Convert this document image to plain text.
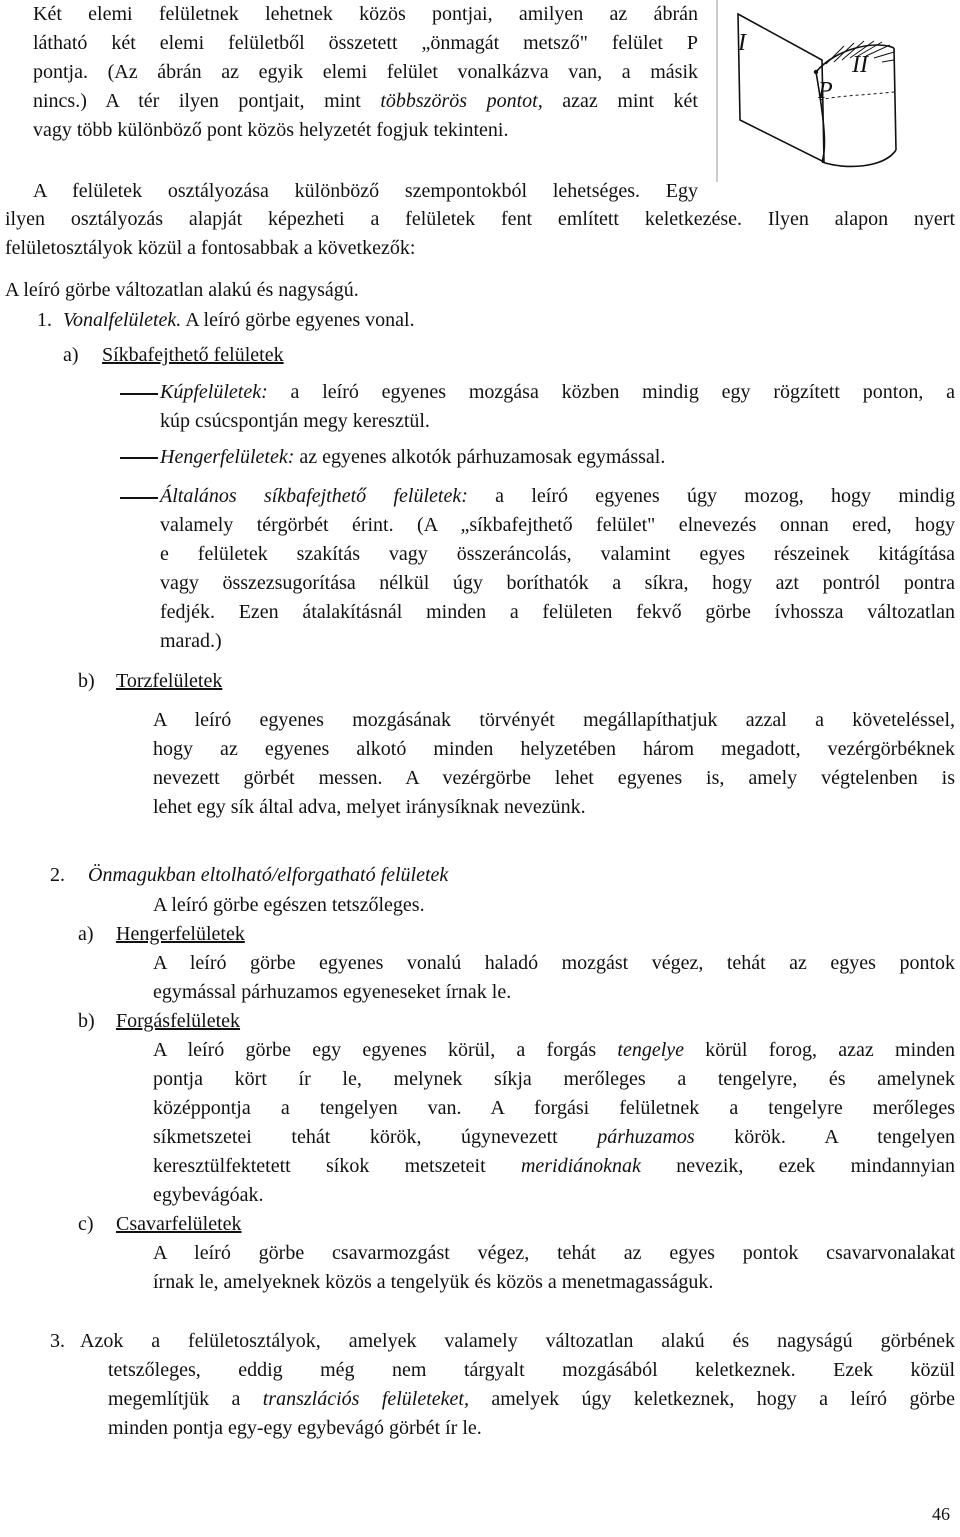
Két elemi felületnek lehetnek közös pontjai, amilyen az ábrán
látható két elemi felületből összetett „önmagát metsző" felület P
pontja. (Az ábrán az egyik elemi felület vonalkázva van, a másik
nincs.) A tér ilyen pontjait, mint többszörös pontot, azaz mint két
vagy több különböző pont közös helyzetét fogjuk tekinteni.
I
II
P
A felületek osztályozása különböző szempontokból lehetséges. Egy
ilyen osztályozás alapját képezheti a felületek fent említett keletkezése. Ilyen alapon nyert
felületosztályok közül a fontosabbak a következők:
A leíró görbe változatlan alakú és nagyságú.
1. Vonalfelületek. A leíró görbe egyenes vonal.
a) Síkbafejthető felületek
Kúpfelületek: a leíró egyenes mozgása közben mindig egy rögzített ponton, a
kúp csúcspontján megy keresztül.
Hengerfelületek: az egyenes alkotók párhuzamosak egymással.
Általános síkbafejthető felületek: a leíró egyenes úgy mozog, hogy mindig
valamely térgörbét érint. (A „síkbafejthető felület" elnevezés onnan ered, hogy
e felületek szakítás vagy összeráncolás, valamint egyes részeinek kitágítása
vagy összezsugorítása nélkül úgy boríthatók a síkra, hogy azt pontról pontra
fedjék. Ezen átalakításnál minden a felületen fekvő görbe ívhossza változatlan
marad.)
b) Torzfelületek
A leíró egyenes mozgásának törvényét megállapíthatjuk azzal a követeléssel,
hogy az egyenes alkotó minden helyzetében három megadott, vezérgörbéknek
nevezett görbét messen. A vezérgörbe lehet egyenes is, amely végtelenben is
lehet egy sík által adva, melyet iránysíknak nevezünk.
2. Önmagukban eltolható/elforgatható felületek
A leíró görbe egészen tetszőleges.
a) Hengerfelületek
A leíró görbe egyenes vonalú haladó mozgást végez, tehát az egyes pontok
egymással párhuzamos egyeneseket írnak le.
b) Forgásfelületek
A leíró görbe egy egyenes körül, a forgás tengelye körül forog, azaz minden
pontja kört ír le, melynek síkja merőleges a tengelyre, és amelynek
középpontja a tengelyen van. A forgási felületnek a tengelyre merőleges
síkmetszetei tehát körök, úgynevezett párhuzamos körök. A tengelyen
keresztülfektetett síkok metszeteit meridiánoknak nevezik, ezek mindannyian
egybevágóak.
c) Csavarfelületek
A leíró görbe csavarmozgást végez, tehát az egyes pontok csavarvonalakat
írnak le, amelyeknek közös a tengelyük és közös a menetmagasságuk.
3. Azok a felületosztályok, amelyek valamely változatlan alakú és nagyságú görbének
tetszőleges, eddig még nem tárgyalt mozgásából keletkeznek. Ezek közül
megemlítjük a transzlációs felületeket, amelyek úgy keletkeznek, hogy a leíró görbe
minden pontja egy-egy egybevágó görbét ír le.
46
